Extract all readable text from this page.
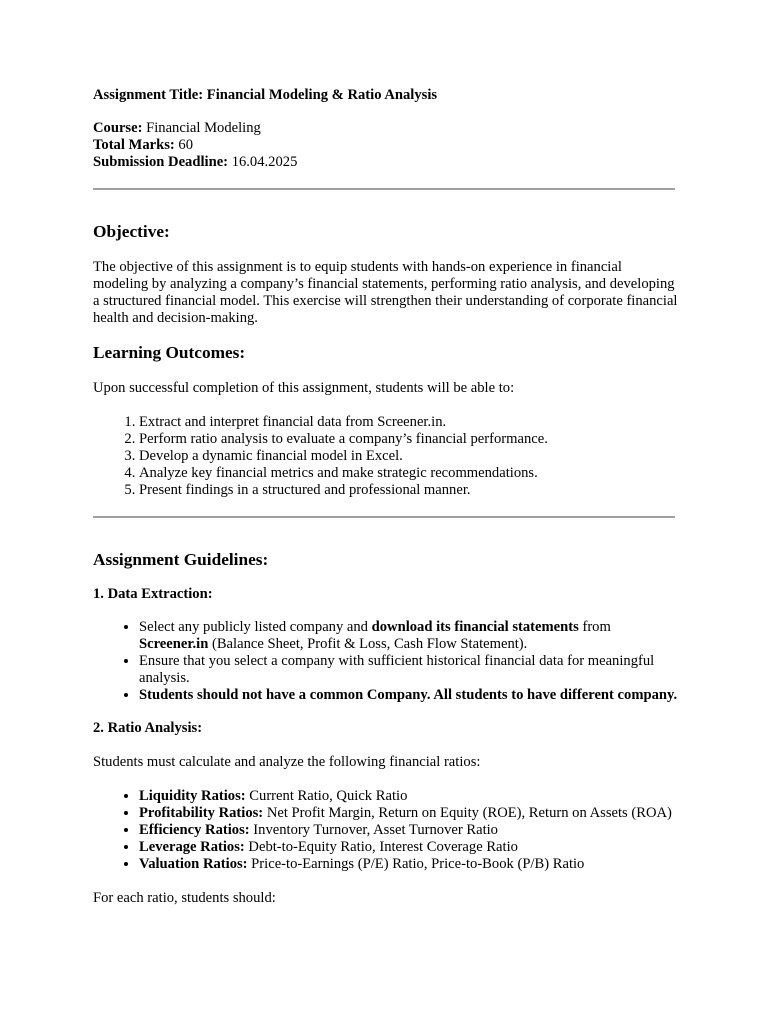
Assignment Title: Financial Modeling & Ratio Analysis

Course: Financial Modeling

Total Marks: 60

Submission Deadline: 16.04.2025

Objective:

The objective of this assignment is to equip students with hands-on experience in financial modeling by analyzing a company’s financial statements, performing ratio analysis, and developing a structured financial model. This exercise will strengthen their understanding of corporate financial health and decision-making.

Learning Outcomes:

Upon successful completion of this assignment, students will be able to:

1. Extract and interpret financial data from Screener.in.
2. Perform ratio analysis to evaluate a company’s financial performance.
3. Develop a dynamic financial model in Excel.
4. Analyze key financial metrics and make strategic recommendations.
5. Present findings in a structured and professional manner.
Assignment Guidelines:
1. Data Extraction:
• Select any publicly listed company and download its financial statements from Screener.in (Balance Sheet, Profit & Loss, Cash Flow Statement).
• Ensure that you select a company with sufficient historical financial data for meaningful analysis.
• Students should not have a common Company. All students to have different company.
2. Ratio Analysis:

Students must calculate and analyze the following financial ratios:

• Liquidity Ratios: Current Ratio, Quick Ratio
• Profitability Ratios: Net Profit Margin, Return on Equity (ROE), Return on Assets (ROA)
• Efficiency Ratios: Inventory Turnover, Asset Turnover Ratio
• Leverage Ratios: Debt-to-Equity Ratio, Interest Coverage Ratio
• Valuation Ratios: Price-to-Earnings (P/E) Ratio, Price-to-Book (P/B) Ratio

For each ratio, students should:
